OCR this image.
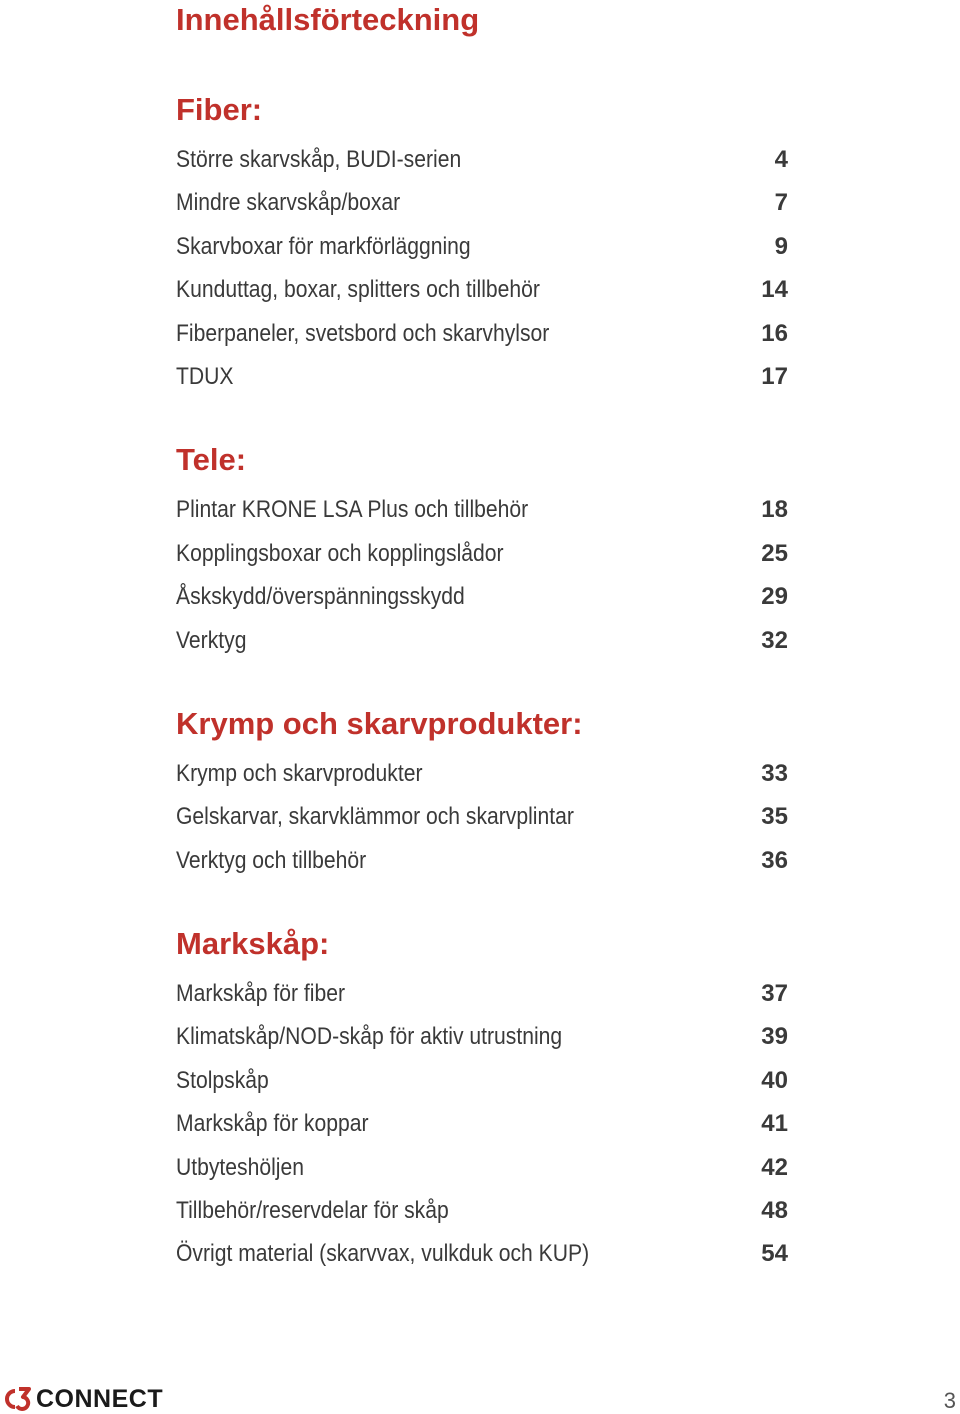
Innehållsförteckning
Fiber:
Större skarvskåp, BUDI-serien	4
Mindre skarvskåp/boxar	7
Skarvboxar för markförläggning	9
Kunduttag, boxar, splitters och tillbehör	14
Fiberpaneler, svetsbord och skarvhylsor	16
TDUX	17
Tele:
Plintar KRONE LSA Plus och tillbehör	18
Kopplingsboxar och kopplingslådor	25
Åskskydd/överspänningsskydd	29
Verktyg	32
Krymp och skarvprodukter:
Krymp och skarvprodukter	33
Gelskarvar, skarvklämmor och skarvplintar	35
Verktyg och tillbehör	36
Markskåp:
Markskåp för fiber	37
Klimatskåp/NOD-skåp för aktiv utrustning	39
Stolpskåp	40
Markskåp för koppar	41
Utbyteshöljen	42
Tillbehör/reservdelar för skåp	48
Övrigt material (skarvvax, vulkduk och KUP)	54
CONNECT	3
